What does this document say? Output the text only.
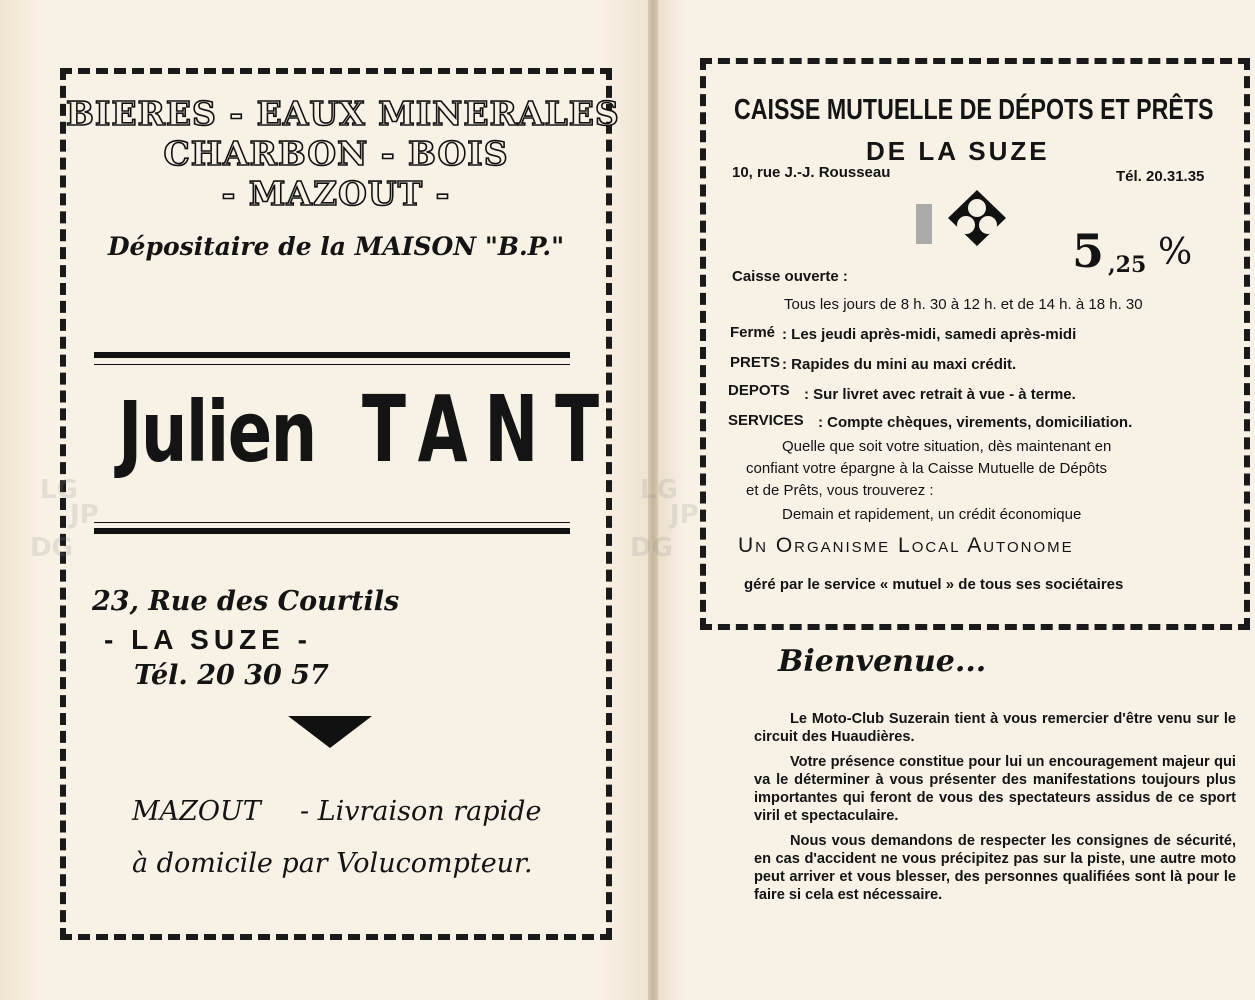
BIERES - EAUX MINERALES
CHARBON - BOIS
- MAZOUT -
Dépositaire de la MAISON "B.P."
Julien TANT
23, Rue des Courtils
- LA SUZE -
Tél. 20 30 57
MAZOUT - Livraison rapide
à domicile par Volucompteur.
CAISSE MUTUELLE DE DÉPOTS ET PRÊTS
DE LA SUZE
10, rue J.-J. Rousseau	Tél. 20.31.35
5 ,25 %
Caisse ouverte :
Tous les jours de 8 h. 30 à 12 h. et de 14 h. à 18 h. 30
Fermé : Les jeudi après-midi, samedi après-midi
PRETS : Rapides du mini au maxi crédit.
DEPOTS : Sur livret avec retrait à vue - à terme.
SERVICES : Compte chèques, virements, domiciliation.
Quelle que soit votre situation, dès maintenant en
confiant votre épargne à la Caisse Mutuelle de Dépôts
et de Prêts, vous trouverez :
Demain et rapidement, un crédit économique
Un Organisme Local Autonome
géré par le service « mutuel » de tous ses sociétaires
Bienvenue...

Le Moto-Club Suzerain tient à vous remercier d'être venu sur le circuit des Huaudières.

Votre présence constitue pour lui un encouragement majeur qui va le déterminer à vous présenter des manifestations toujours plus importantes qui feront de vous des spectateurs assidus de ce sport viril et spectaculaire.

Nous vous demandons de respecter les consignes de sécurité, en cas d'accident ne vous précipitez pas sur la piste, une autre moto peut arriver et vous blesser, des personnes qualifiées sont là pour le faire si cela est nécessaire.
